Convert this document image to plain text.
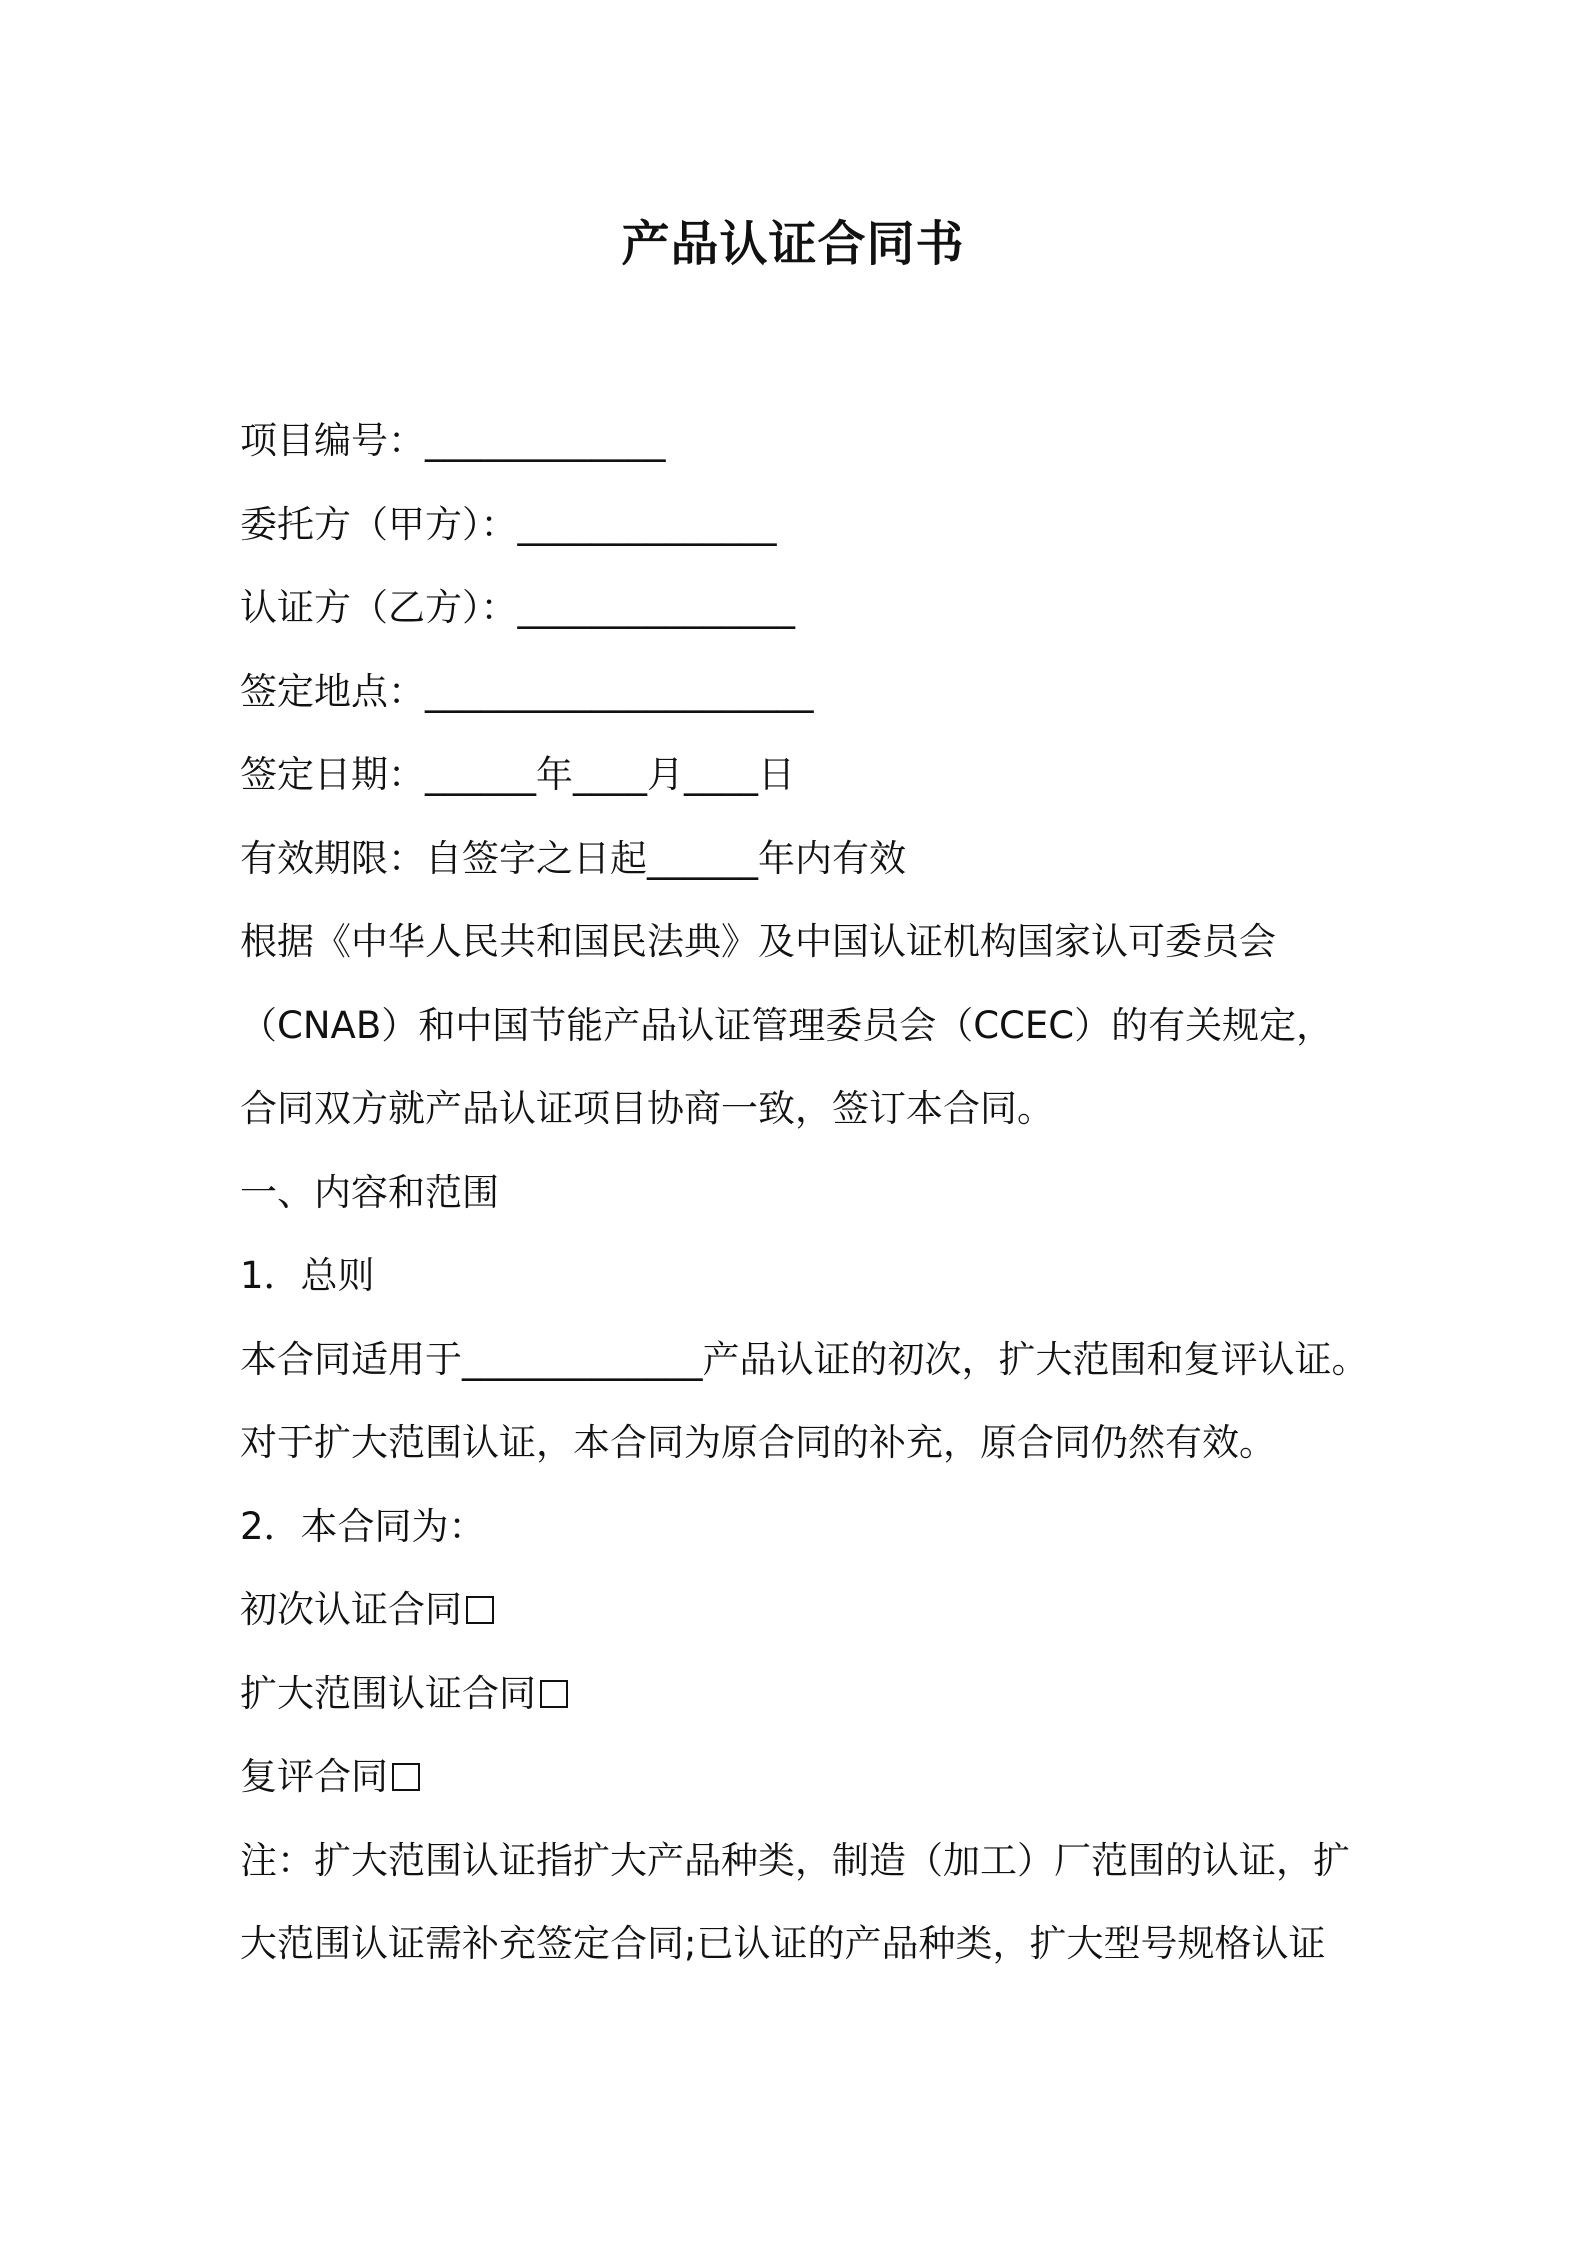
产品认证合同书
项目编号：_____________
委托方（甲方）：______________
认证方（乙方）：_______________
签定地点：_____________________
签定日期：______年____月____日
有效期限：自签字之日起______年内有效
根据《中华人民共和国民法典》及中国认证机构国家认可委员会
（CNAB）和中国节能产品认证管理委员会（CCEC）的有关规定，
合同双方就产品认证项目协商一致，签订本合同。
一、内容和范围
1．总则
本合同适用于_____________产品认证的初次，扩大范围和复评认证。
对于扩大范围认证，本合同为原合同的补充，原合同仍然有效。
2．本合同为：
初次认证合同
扩大范围认证合同
复评合同
注：扩大范围认证指扩大产品种类，制造（加工）厂范围的认证，扩
大范围认证需补充签定合同;已认证的产品种类，扩大型号规格认证
